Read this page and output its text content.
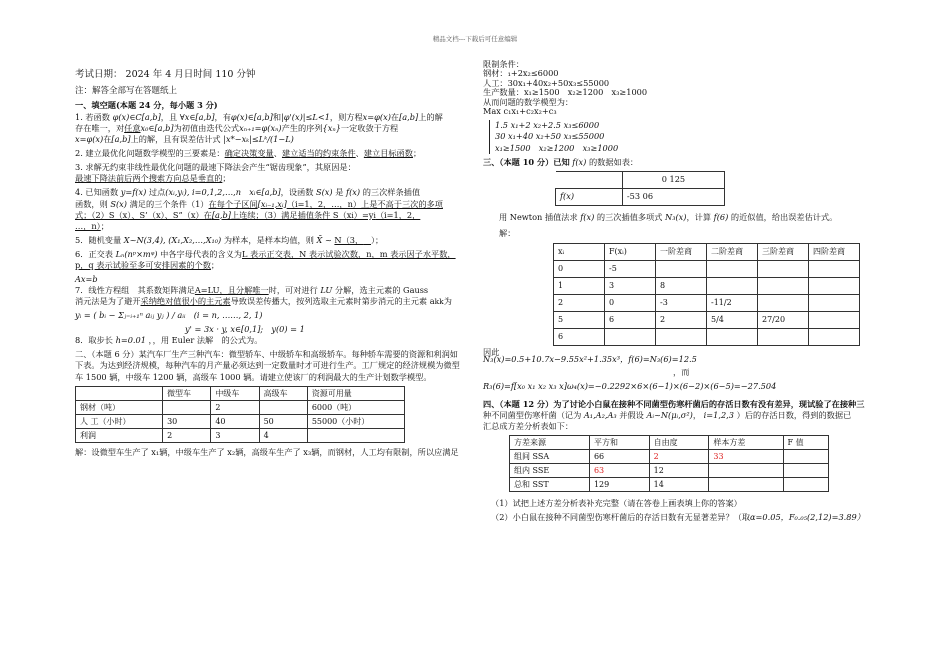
精品文档---下载后可任意编辑

考试日期： 2024 年 4 月日时间 110 分钟

注：解答全部写在答题纸上

一、填空题(本题 24 分，每小题 3 分)

1. 若函数 φ(x)∈C[a,b]，且 ∀x∈[a,b]，有φ(x)∈[a,b]和|φ'(x)|≤L<1，则方程x=φ(x)在[a,b]上的解
存在唯一，对任意x₀∈[a,b]为初值由迭代公式xₙ₊₁=φ(xₙ)产生的序列{xₙ}一定收敛于方程
x=φ(x)在[a,b]上的解，且有误差估计式 |x*−xₖ|≤Lᵏ/(1−L)

2. 建立最优化问题数学模型的三要素是：确定决策变量、建立适当的约束条件、建立目标函数；

3. 求解无约束非线性最优化问题的最速下降法会产生“锯齿现象”，其原因是：
最速下降法前后两个搜索方向总是垂直的；

4. 已知函数 y=f(x) 过点(xᵢ,yᵢ), i=0,1,2,…,n　xᵢ∈[a,b]，设函数 S(x) 是 f(x) 的三次样条插值
函数，则 S(x) 满足的三个条件（1）在每个子区间[xᵢ₋₁,xᵢ]（i=1，2，…，n）上是不高于三次的多项
式；（2）S（x）、S’（x）、S”（x）在[a,b]上连续；（3）满足插值条件 S（xi）=yi（i=1，2，
…，n）；

5．随机变量 X~N(3,4), (X₁,X₂,…,X₁₀) 为样本，是样本均值，则 X̄ ~ N（3， ）；

6．正交表 Lₙ(nᵖ×mᵠ) 中各字母代表的含义为L 表示正交表，N 表示试验次数，n，m 表示因子水平数，
p，q 表示试验至多可安排因素的个数；

Ax=b
7．线性方程组　 其系数矩阵满足A=LU，且分解唯一时，可对进行 LU 分解，选主元素的 Gauss
消元法是为了避开采纳绝对值很小的主元素导致误差传播大，按列选取主元素时第步消元的主元素 akk为

yᵢ = ( bᵢ − Σⱼ₌ᵢ₊₁ⁿ aᵢⱼ yⱼ ) / aᵢᵢ　(i = n, ……, 2, 1)

y' = 3x · y, x∈[0,1];　y(0) = 1
8．取步长 h=0.01 ，，用 Euler 法解　 的公式为。

二、（本题 6 分）某汽车厂生产三种汽车：微型轿车、中级轿车和高级轿车。每种轿车需要的资源和利润如下表。为达到经济规模，每种汽车的月产量必须达到一定数量时才可进行生产。工厂规定的经济规模为微型车 1500 辆，中级车 1200 辆，高级车 1000 辆。请建立使该厂的利润最大的生产计划数学模型。

	微型车	中级车	高级车	资源可用量
钢材（吨）		2		6000（吨）
人 工（小时）	30	40	50	55000（小时）
利润	2	3	4	

解：设微型车生产了 x₁辆，中级车生产了 x₂辆，高级车生产了 x₃辆，而钢材，人工均有限制，所以应满足

限制条件：

钢材：₁+2x₂≤6000

人工：30x₁+40x₂+50x₃≤55000

生产数量：x₁≥1500　x₂≥1200　x₃≥1000

从而问题的数学模型为：

Max c₁x₁+c₂x₂+c₃

1.5 x₁+2 x₂+2.5 x₃≤6000
30 x₁+40 x₂+50 x₃≤55000
x₁≥1500　x₂≥1200　x₃≥1000

三、（本题 10 分）已知 f(x) 的数据如表：

	0 125
f(x)	-53 06

用 Newton 插值法求 f(x) 的三次插值多项式 N₃(x)，计算 f(6) 的近似值，给出误差估计式。

解：

xᵢ	F(xᵢ)	一阶差商	二阶差商	三阶差商	四阶差商
0	-5				
1	3	8			
2	0	-3	-11/2		
5	6	2	5/4	27/20	
6					

因此

N₃(x)=0.5+10.7x−9.55x²+1.35x³，f(6)=N₃(6)=12.5

，而

R₃(6)=f[x₀ x₁ x₂ x₃ x]ω₄(x)=−0.2292×6×(6−1)×(6−2)×(6−5)=−27.504

四、（本题 12 分）为了讨论小白鼠在接种不同菌型伤寒杆菌后的存活日数有没有差异，现试验了在接种三
种不同菌型伤寒杆菌（记为 A₁,A₂,A₃ 并假设 Aᵢ~N(μᵢ,σ²)， i=1,2,3 ）后的存活日数，得到的数据已
汇总成方差分析表如下：

方差来源	平方和	自由度	样本方差	F 值
组间 SSA	66	2	33	
组内 SSE	63	12		
总和 SST	129	14		

（1）试把上述方差分析表补充完整（请在答卷上画表填上你的答案）

（2）小白鼠在接种不同菌型伤寒杆菌后的存活日数有无显著差异？（取α=0.05，F₀.₀₅(2,12)=3.89）
